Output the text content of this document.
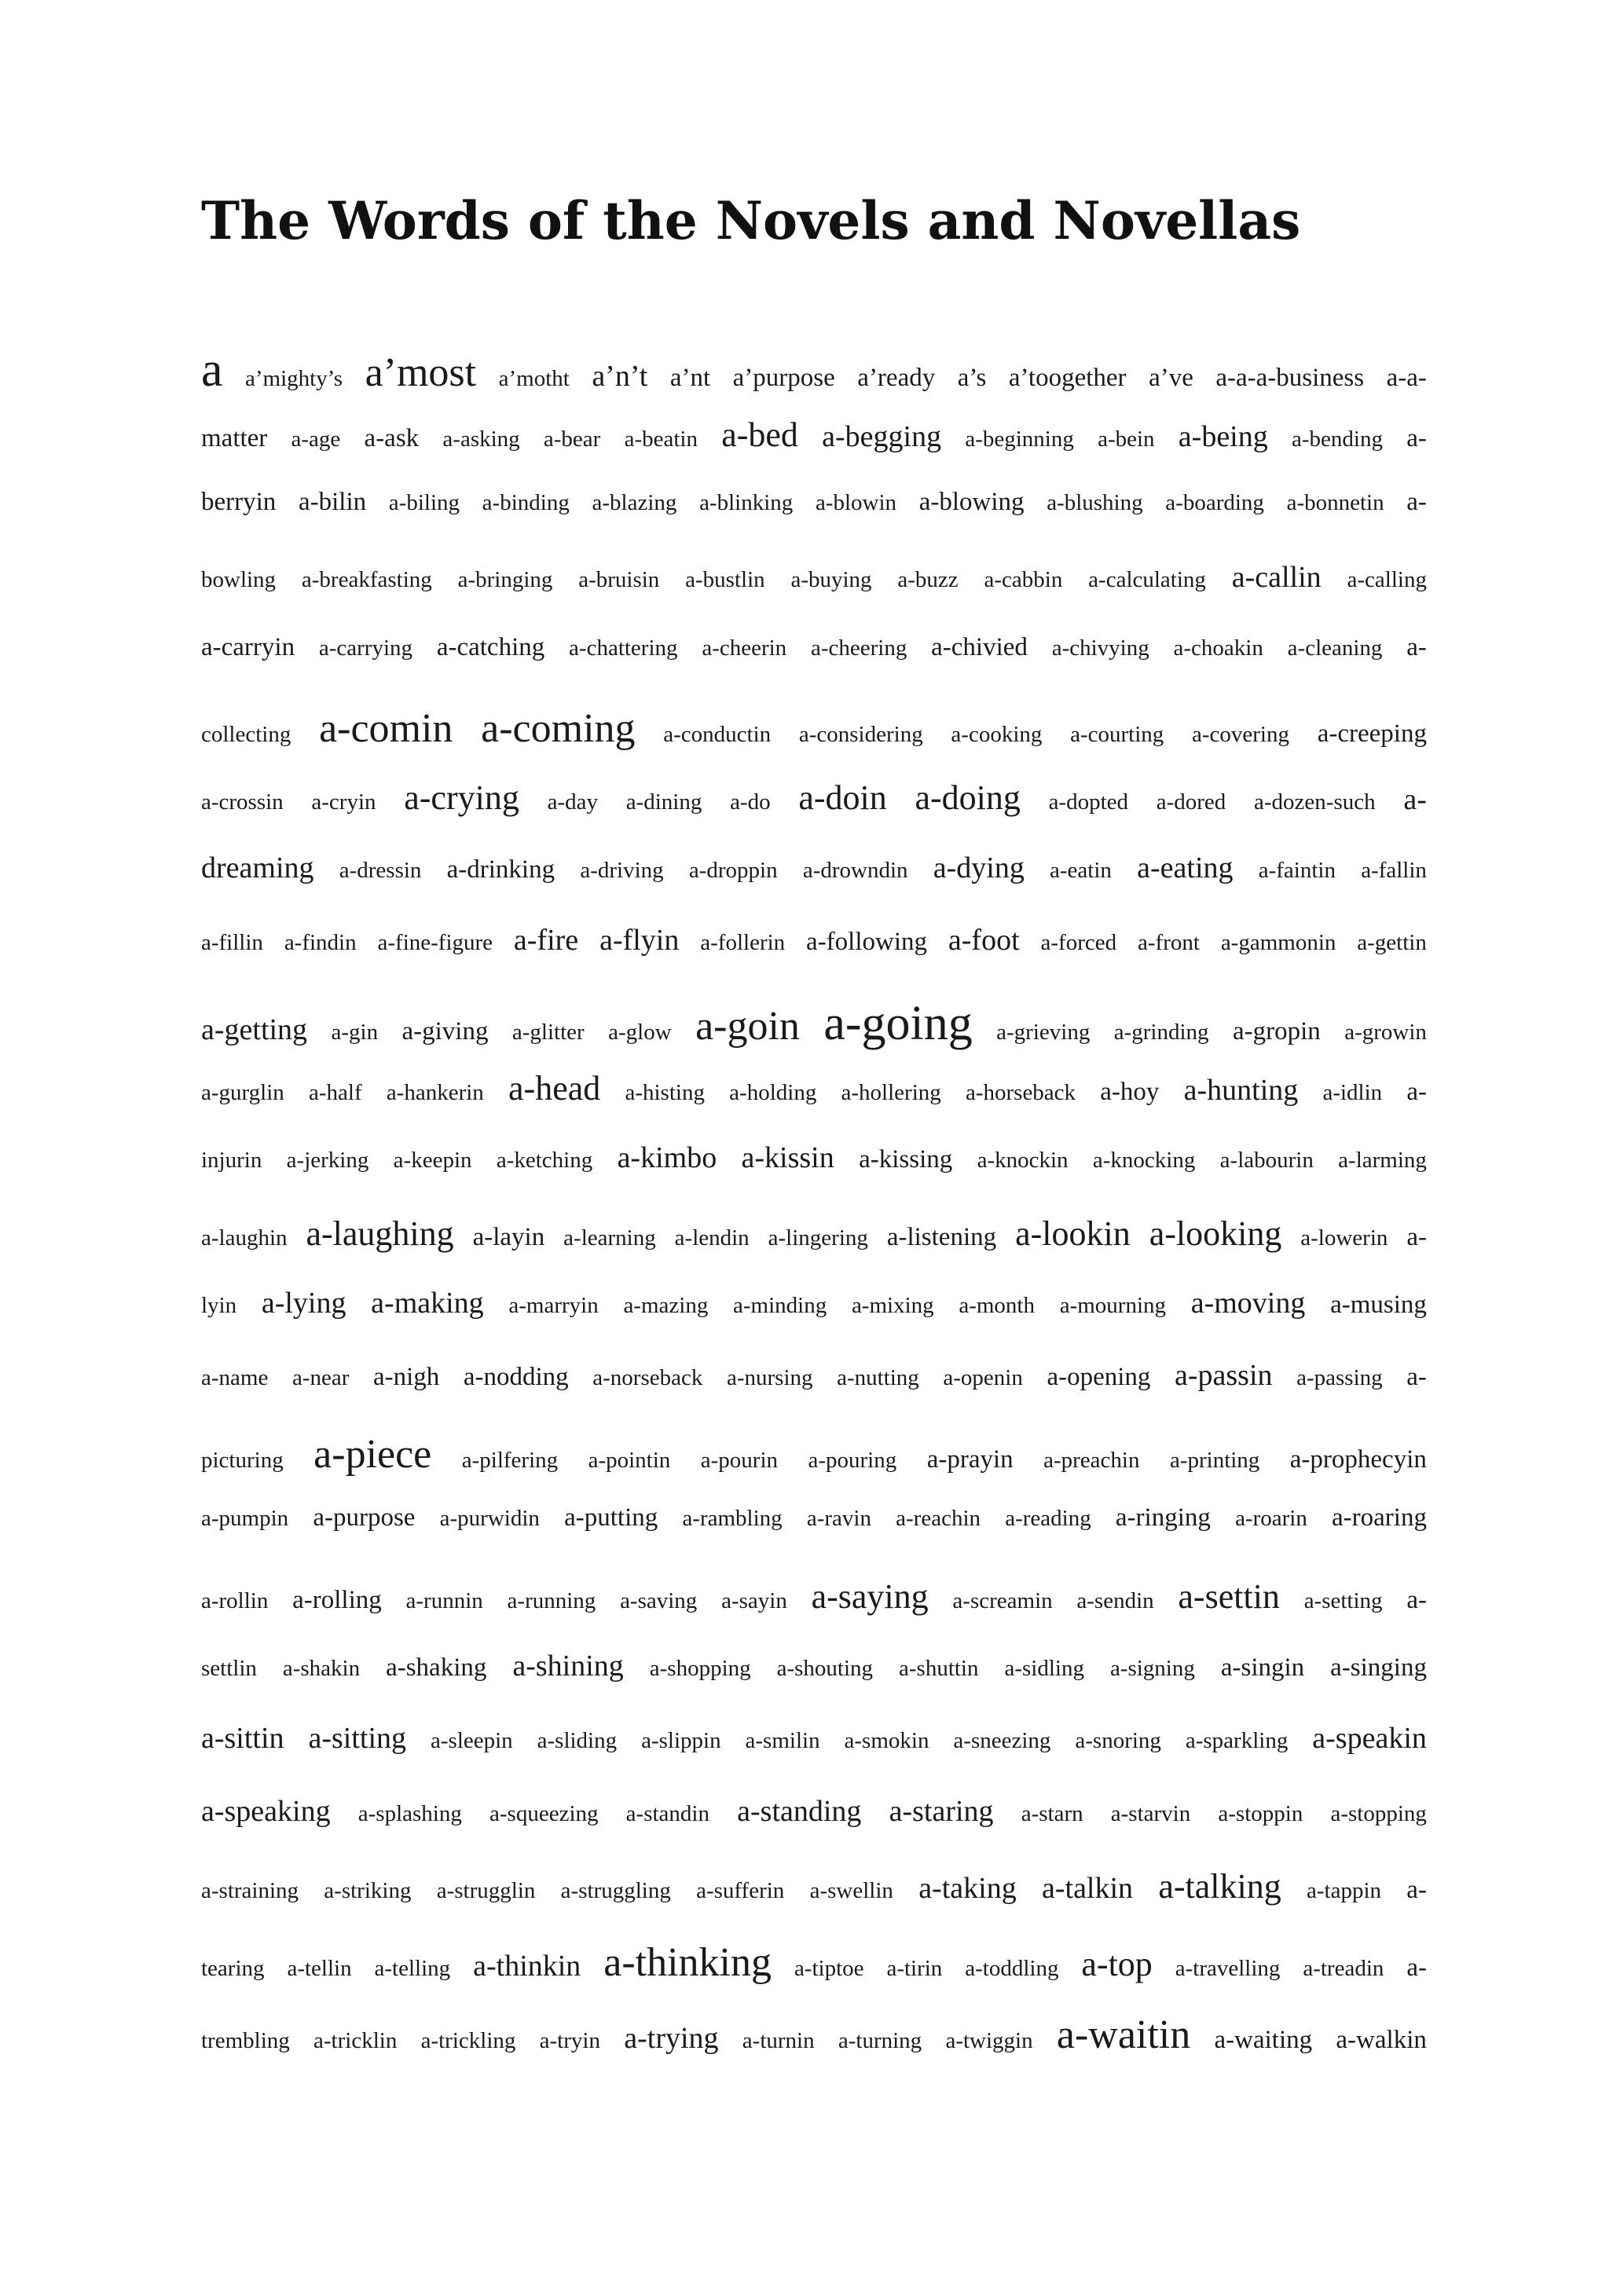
The Words of the Novels and Novellas
a a’mighty’s a’most a’motht a’n’t a’nt a’purpose a’ready a’s a’toogether a’ve a-a-a-business a-a-
matter a-age a-ask a-asking a-bear a-beatin a-bed a-begging a-beginning a-bein a-being a-bending a-
berryin a-bilin a-biling a-binding a-blazing a-blinking a-blowin a-blowing a-blushing a-boarding a-bonnetin a-
bowling a-breakfasting a-bringing a-bruisin a-bustlin a-buying a-buzz a-cabbin a-calculating a-callin a-calling
a-carryin a-carrying a-catching a-chattering a-cheerin a-cheering a-chivied a-chivying a-choakin a-cleaning a-
collecting a-comin a-coming a-conductin a-considering a-cooking a-courting a-covering a-creeping
a-crossin a-cryin a-crying a-day a-dining a-do a-doin a-doing a-dopted a-dored a-dozen-such a-
dreaming a-dressin a-drinking a-driving a-droppin a-drowndin a-dying a-eatin a-eating a-faintin a-fallin
a-fillin a-findin a-fine-figure a-fire a-flyin a-follerin a-following a-foot a-forced a-front a-gammonin a-gettin
a-getting a-gin a-giving a-glitter a-glow a-goin a-going a-grieving a-grinding a-gropin a-growin
a-gurglin a-half a-hankerin a-head a-histing a-holding a-hollering a-horseback a-hoy a-hunting a-idlin a-
injurin a-jerking a-keepin a-ketching a-kimbo a-kissin a-kissing a-knockin a-knocking a-labourin a-larming
a-laughin a-laughing a-layin a-learning a-lendin a-lingering a-listening a-lookin a-looking a-lowerin a-
lyin a-lying a-making a-marryin a-mazing a-minding a-mixing a-month a-mourning a-moving a-musing
a-name a-near a-nigh a-nodding a-norseback a-nursing a-nutting a-openin a-opening a-passin a-passing a-
picturing a-piece a-pilfering a-pointin a-pourin a-pouring a-prayin a-preachin a-printing a-prophecyin
a-pumpin a-purpose a-purwidin a-putting a-rambling a-ravin a-reachin a-reading a-ringing a-roarin a-roaring
a-rollin a-rolling a-runnin a-running a-saving a-sayin a-saying a-screamin a-sendin a-settin a-setting a-
settlin a-shakin a-shaking a-shining a-shopping a-shouting a-shuttin a-sidling a-signing a-singin a-singing
a-sittin a-sitting a-sleepin a-sliding a-slippin a-smilin a-smokin a-sneezing a-snoring a-sparkling a-speakin
a-speaking a-splashing a-squeezing a-standin a-standing a-staring a-starn a-starvin a-stoppin a-stopping
a-straining a-striking a-strugglin a-struggling a-sufferin a-swellin a-taking a-talkin a-talking a-tappin a-
tearing a-tellin a-telling a-thinkin a-thinking a-tiptoe a-tirin a-toddling a-top a-travelling a-treadin a-
trembling a-tricklin a-trickling a-tryin a-trying a-turnin a-turning a-twiggin a-waitin a-waiting a-walkin
